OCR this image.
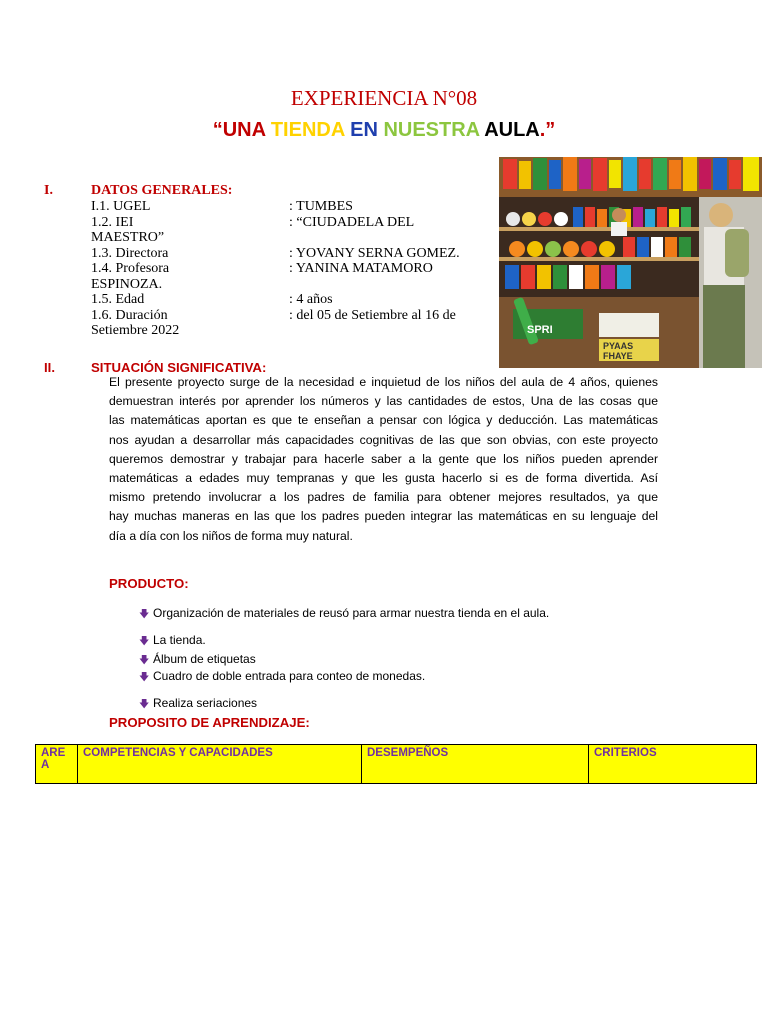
EXPERIENCIA N°08
“UNA TIENDA EN NUESTRA AULA.”
I.	DATOS GENERALES:
I.1. UGEL	: TUMBES
1.2. IEI	: “CIUDADELA DEL
MAESTRO”
1.3. Directora	: YOVANY SERNA GOMEZ.
1.4. Profesora	: YANINA MATAMORO
ESPINOZA.
1.5. Edad	: 4 años
1.6. Duración	: del 05 de Setiembre al 16 de
Setiembre 2022	SPRI
PYAAS
FHAYE
II.	SITUACIÓN SIGNIFICATIVA:
El presente proyecto surge de la necesidad e inquietud de los niños del aula de 4 años, quienes
demuestran interés por aprender los números y las cantidades de estos, Una de las cosas que
las matemáticas aportan es que te enseñan a pensar con lógica y deducción. Las matemáticas
nos ayudan a desarrollar más capacidades cognitivas de las que son obvias, con este proyecto
queremos demostrar y trabajar para hacerle saber a la gente que los niños pueden aprender
matemáticas a edades muy tempranas y que les gusta hacerlo si es de forma divertida. Así
mismo pretendo involucrar a los padres de familia para obtener mejores resultados, ya que
hay muchas maneras en las que los padres pueden integrar las matemáticas en su lenguaje del
día a día con los niños de forma muy natural.
PRODUCTO:
🡇 Organización de materiales de reusó para armar nuestra tienda en el aula.
🡇 La tienda.
🡇 Álbum de etiquetas
🡇 Cuadro de doble entrada para conteo de monedas.
🡇 Realiza seriaciones
PROPOSITO DE APRENDIZAJE:
ARE A	COMPETENCIAS Y CAPACIDADES	DESEMPEÑOS	CRITERIOS
